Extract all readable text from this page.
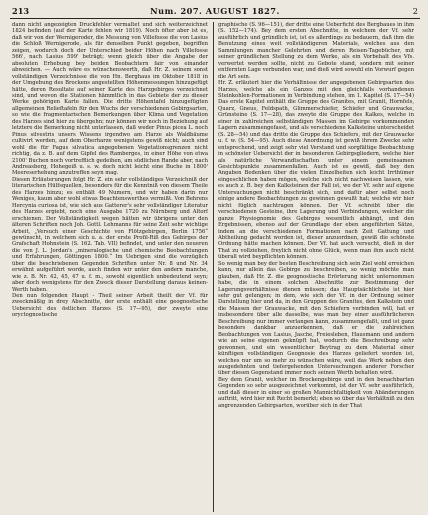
213	Num. 207. AUGUST 1827.	2

dann nicht angezeigten Druckfehler vermaltet und sich weiterzeichnet 1824 befinden (auf der Karte fehlen wir 1819). Noch öfter aber ist es, daß wir von der Wernigeroder, die Messung von Villefosse die von Lasius die Schloß Wernigerode, als für denselben Punkt gegeben, begriffen zeigen, wodurch doch der Unterschied beider Höhen nach Villefosse 566', nach Lasius 599' beträgt; wenn gleich über die Angabe der absoluten Erhebung bey beiden Beobachtern fair von einander abweichen. — Auch wäre es wünschenswerth, daß Hr. Z. seinem sonst vollständigen Verzeichnisse die von Hn. Berghaus im Oktober 1818 in der Umgebung des Brockens angestellten Höhenmessungen hinzugefügt hätte, deren Resultate auf seiner Karte des Harzgebirges verzeichnet sind, und wovon die Stationen hämmtlich in das Gebiete der zu dieser Werke gehörigen Karte fallen. Die dritte Höhentafel hinzugefügten allgemeinen Relieftafeln für den Wuchs der verschiedenen Gebirgsarten, so wie die fragmentarischen Bemerkungen über Klima und Vegetation des Harzes sind hier zu übergehn; nur können wir noch in Beziehung auf letztere die Bemerkung nicht unterlassen, daß weder Pinus picea L. noch Pinus silvestris unsers Wissens irgendwo am Harze als Waldbäume cultivirt werden, auf dem Oberharze wenigstens gewiß nicht; auch sind wohl die für Fagus silvatica angegebenen Vegetationsgrenzen nicht richtig, da z. B. auf dem Gipfel des Ramberges, in einer Höhe von etwa 2100' Buchen noch vortrefflich gedeihen, am südlichen Rande aber, nach Andreasberg, Hohegeiß u. s. w. doch nicht leicht eine Buche in 1800' Meereserhebung anzutreffen seyn mag.

Diesen Erläuterungen folgt Hr. Z. ein sehr vollständiges Verzeichniß der literarischen Hülfsquellen, besonders für die Kenntniß von diesem Theile des Harzes hinzu; es enthält 49 Numern, und wir haben darin nur Weniges, kaum aber wohl etwas Beachtenswerthes vermißt. Von Behrens Hercynia curiosa ist, wie sich aus Gatterer's sehr vollständiger Literatur des Harzes ergiebt, noch eine Ausgabe 1720 zu Nürnberg und Altorf erschienen. Der Vollständigkeit wegen hätten wir übrigens unter den älteren Schriften noch Joh. Gottl. Lehmanns für seine Zeit sehr wichtige Arbeit, „Versuch einer Geschichte von Flötzgebirgen, Berlin 1756“ gewünscht, in welchem sich u. a. der erste Profil-Riß des Gebirges der Grafschaft Hohnstein (S. 162. Tab. VII) befindet, und unter den neueren die von J. L. Jordan's „mineralogische und chemische Beobachtungen und Erfahrungen, Göttingen 1800.“ Im Uebrigen sind die vorzüglich über die beschriebenen Gegenden Schriften unter Nr. 8 und Nr. 34 erwähnt aufgeführt worde, auch finden wir unter den andern manche, wie z. B. Nr. 42, 45, 47 u. f. m., sowohl eigentlich unbedeutend seyn; aber doch wenigstens für den Zweck dieser Darstellung daraus keinen-Werth haben.

Den nun folgenden Haupt - Theil seiner Arbeit theilt der Vf. für zweckmäßig in drey Abschnitte, der erste enthält eine geognostische Uebersicht des östlichen Harzes (S. 17—95), der zweyte eine oryctognostische

graphische (S. 96—151), der dritte eine Ueberficht des Bergbaues in ihm (S. 152—174). Bey dem ersten Abschnitte, in welchem der Vf. sehr ausführlich und gründlich ist, ist es allerdings zu bedauern, daß ihm die Benutzung eines weit vollständigeren Materials, welches aus den Sammlungen mancher Gelehrten und deren Reisen-Tagebücher, mit seiner gründlichen Stellung zu dem Werke, als ein Vorbehalt des Vfs. verwertet werden sollte, nicht zu Gebote stand, sondern mit seiner entfernten Lage verbunden war, und dieß wird sowohl ein Vorwurf gegen die Art sein.

Hr. Z. erläutert hier die Verhältnisse der angegebenen Gebirgsarten des Harzes, welche als ein Ganzes mit den gleichfalls vorhandenen Steinkohlen-Formationen in Verbindung stehen, im 1. Kapitel (S. 17—54) Das erste Kapitel enthält die Gruppe des Granites, mit Granit, Hornfels, Quarz, Gneus, Feldspath, Glimmerschiefer, Schiefer und Grauwacke, Grünsteine (S. 17—28), das zweyte die Gruppe des Kalkes, welche in einer in zahlreichen selbständigen Massen im Gebirge vorkommenden Lagern zusammengefasst, und als verschiedene Kalksteine unterscheidet (S. 28—54) und das dritte die Gruppe des Schiefers, mit der Grauwacke u. f. w. (S. 54—95). Auch diese Anordnung ist gewiß ihrem Zwecke sehr entsprechend, und zeigt sehr viel Verstand und sorgfältige Beobachtung in schönster Uebersicht der in besonderen Gebirgsgliedern, welche hier als natürliche Verwandtschaften unter einem gemeinsamen Gesichtspunkte zusammenfallen. Auch ist es gewiß, daß bey den Angaben Bedenken über die vielen Einzelheiten sich leicht Irrthümer eingeschlichen haben mögen, welche sich nicht nachweisen lassen, wie es auch z. B. bey den Kalksteinen der Fall ist, wo der Vf. sehr auf eigene Untersuchungen nicht beschränkt sich, und dafür aber selbst noch einige andere Beobachtungen zu gewinnen gewußt hat; welche wir hier nicht füglich nachtragen können. Der Vf. schreibt über die verschiedenen Gesteine, ihre Lagerung und Verbindungen, welcher die ganze Physiognomie des Gebirges wesentlich abhängt, und den Ergebnissen, ebenso auf der Grundlage der eben angeführten Sätze, indem an die verschiedenen Formationen nach Zeit Gattung und Abtheilung gedacht worden ist, dieser anzuordnen, gewiß die schönste Ordnung hätte machen können. Der Vf. hat auch versucht, dieß in der That zu vollziehen, freylich nicht ohne Glück, wenn man ihm auch nicht überall wird beypflichten können.

So wenig man bey der besten Beschreibung sich sein Ziel wohl erreichen kann, nur allein das Gebirge zu beschreiben, so wenig möchte man glauben, daß Hr. Z. die geognostische Erörterung nicht unternommen habe, die in einem solchen Abschnitte zur Bestimmung der Lagerungsverhältnisse dienen müssen; das Hauptsächlichste ist hier sehr gut gelungen; in dem, wie sich der Vf. in der Ordnung seiner Darstellung hier und da, in den Gruppen des Granites, den Kalkstein und die Massen der Grauwacke, mit den Schiefern verbinden will, hat er insbesondere über alle dasselbe, was man bey einer ausführlicheren Beschreibung nur immer verlangen kann, zusammengefaßt, und ist ganz besonders dankbar anzuerkennen, daß er die zahlreichen Beobachtungen von Lasius, Jasche, Freiesleben, Hausmann und andern wie an seine eigenen geknüpft hat, wodurch die Beschreibung sehr gewonnen, und ein wesentlicher Beytrag zu dem Material einer künftigen vollständigen Geognosie des Harzes geliefert worden ist, welches nur um so mehr zu wünschen wäre, weil das Werk neben den ausgedehnten und tiefergehenden Untersuchungen anderer Forscher über diesen Gegenstand immer noch seinen Werth behalten wird.

Bey dem Granit, welcher im Brockengebirge und in den benachbarten Gegenden so sehr ausgezeichnet vorkommt, ist der Vf. sehr ausführlich, und daß dieser in einer so großen Mannichfaltigkeit von Abänderungen auftritt, wird hier mit Recht bemerkt; eben so über das Verhältniß zu den angrenzenden Gebirgsarten, worüber sich in der That
